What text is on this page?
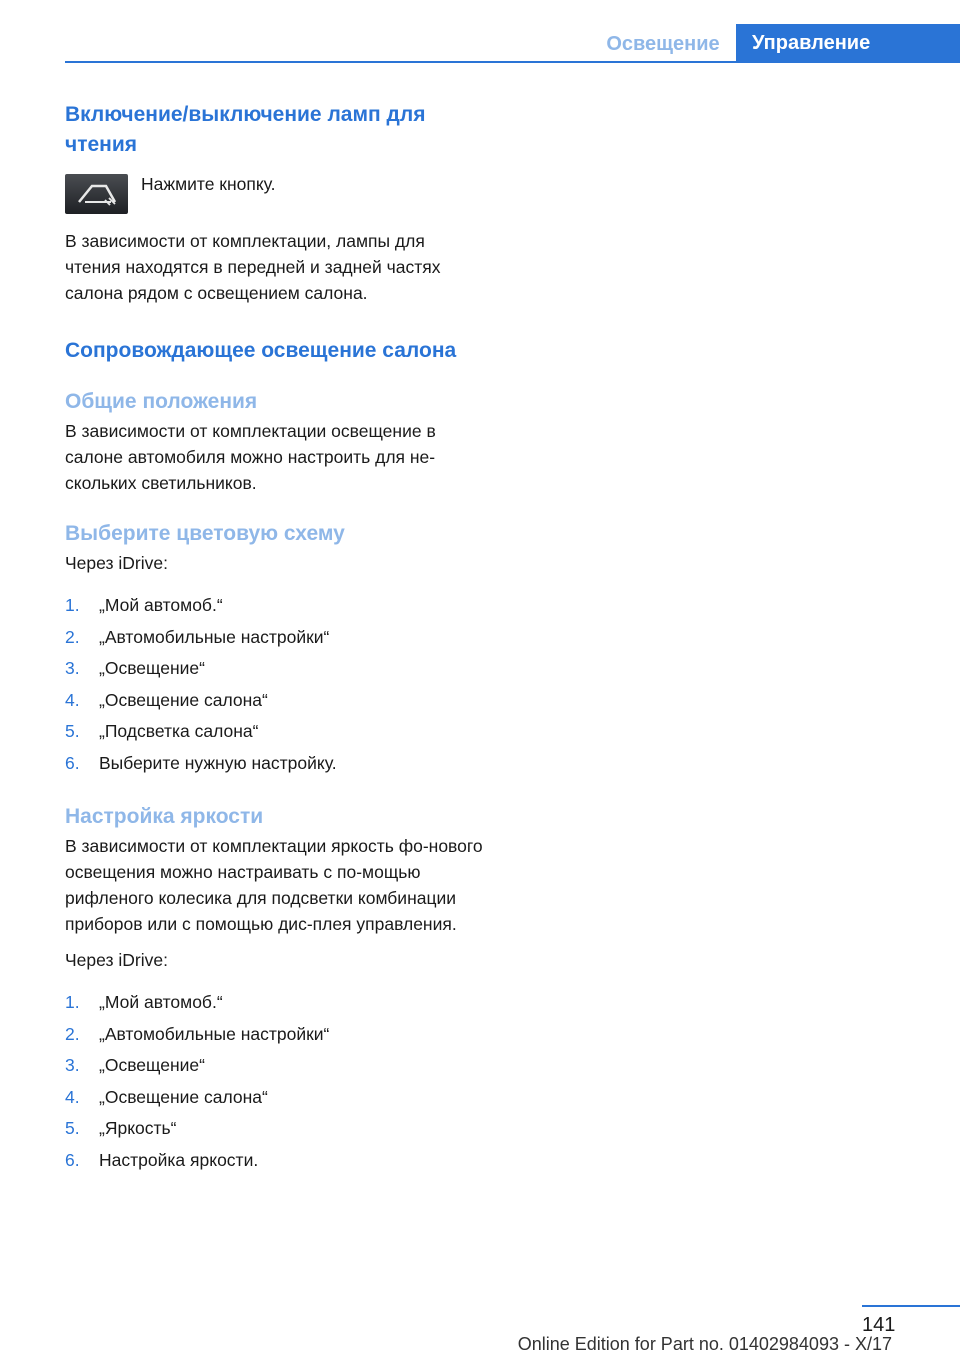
Освещение	Управление
Включение/выключение ламп для чтения

Нажмите кнопку.

В зависимости от комплектации, лампы для чтения находятся в передней и задней частях салона рядом с освещением салона.

Сопровождающее освещение салона
Общие положения

В зависимости от комплектации освещение в салоне автомобиля можно настроить для не-скольких светильников.

Выберите цветовую схему

Через iDrive:

1.	„Мой автомоб.“
2.	„Автомобильные настройки“
3.	„Освещение“
4.	„Освещение салона“
5.	„Подсветка салона“
6.	Выберите нужную настройку.
Настройка яркости

В зависимости от комплектации яркость фо-нового освещения можно настраивать с по-мощью рифленого колесика для подсветки комбинации приборов или с помощью дис-плея управления.

Через iDrive:

1.	„Мой автомоб.“
2.	„Автомобильные настройки“
3.	„Освещение“
4.	„Освещение салона“
5.	„Яркость“
6.	Настройка яркости.
141
Online Edition for Part no. 01402984093 - X/17
